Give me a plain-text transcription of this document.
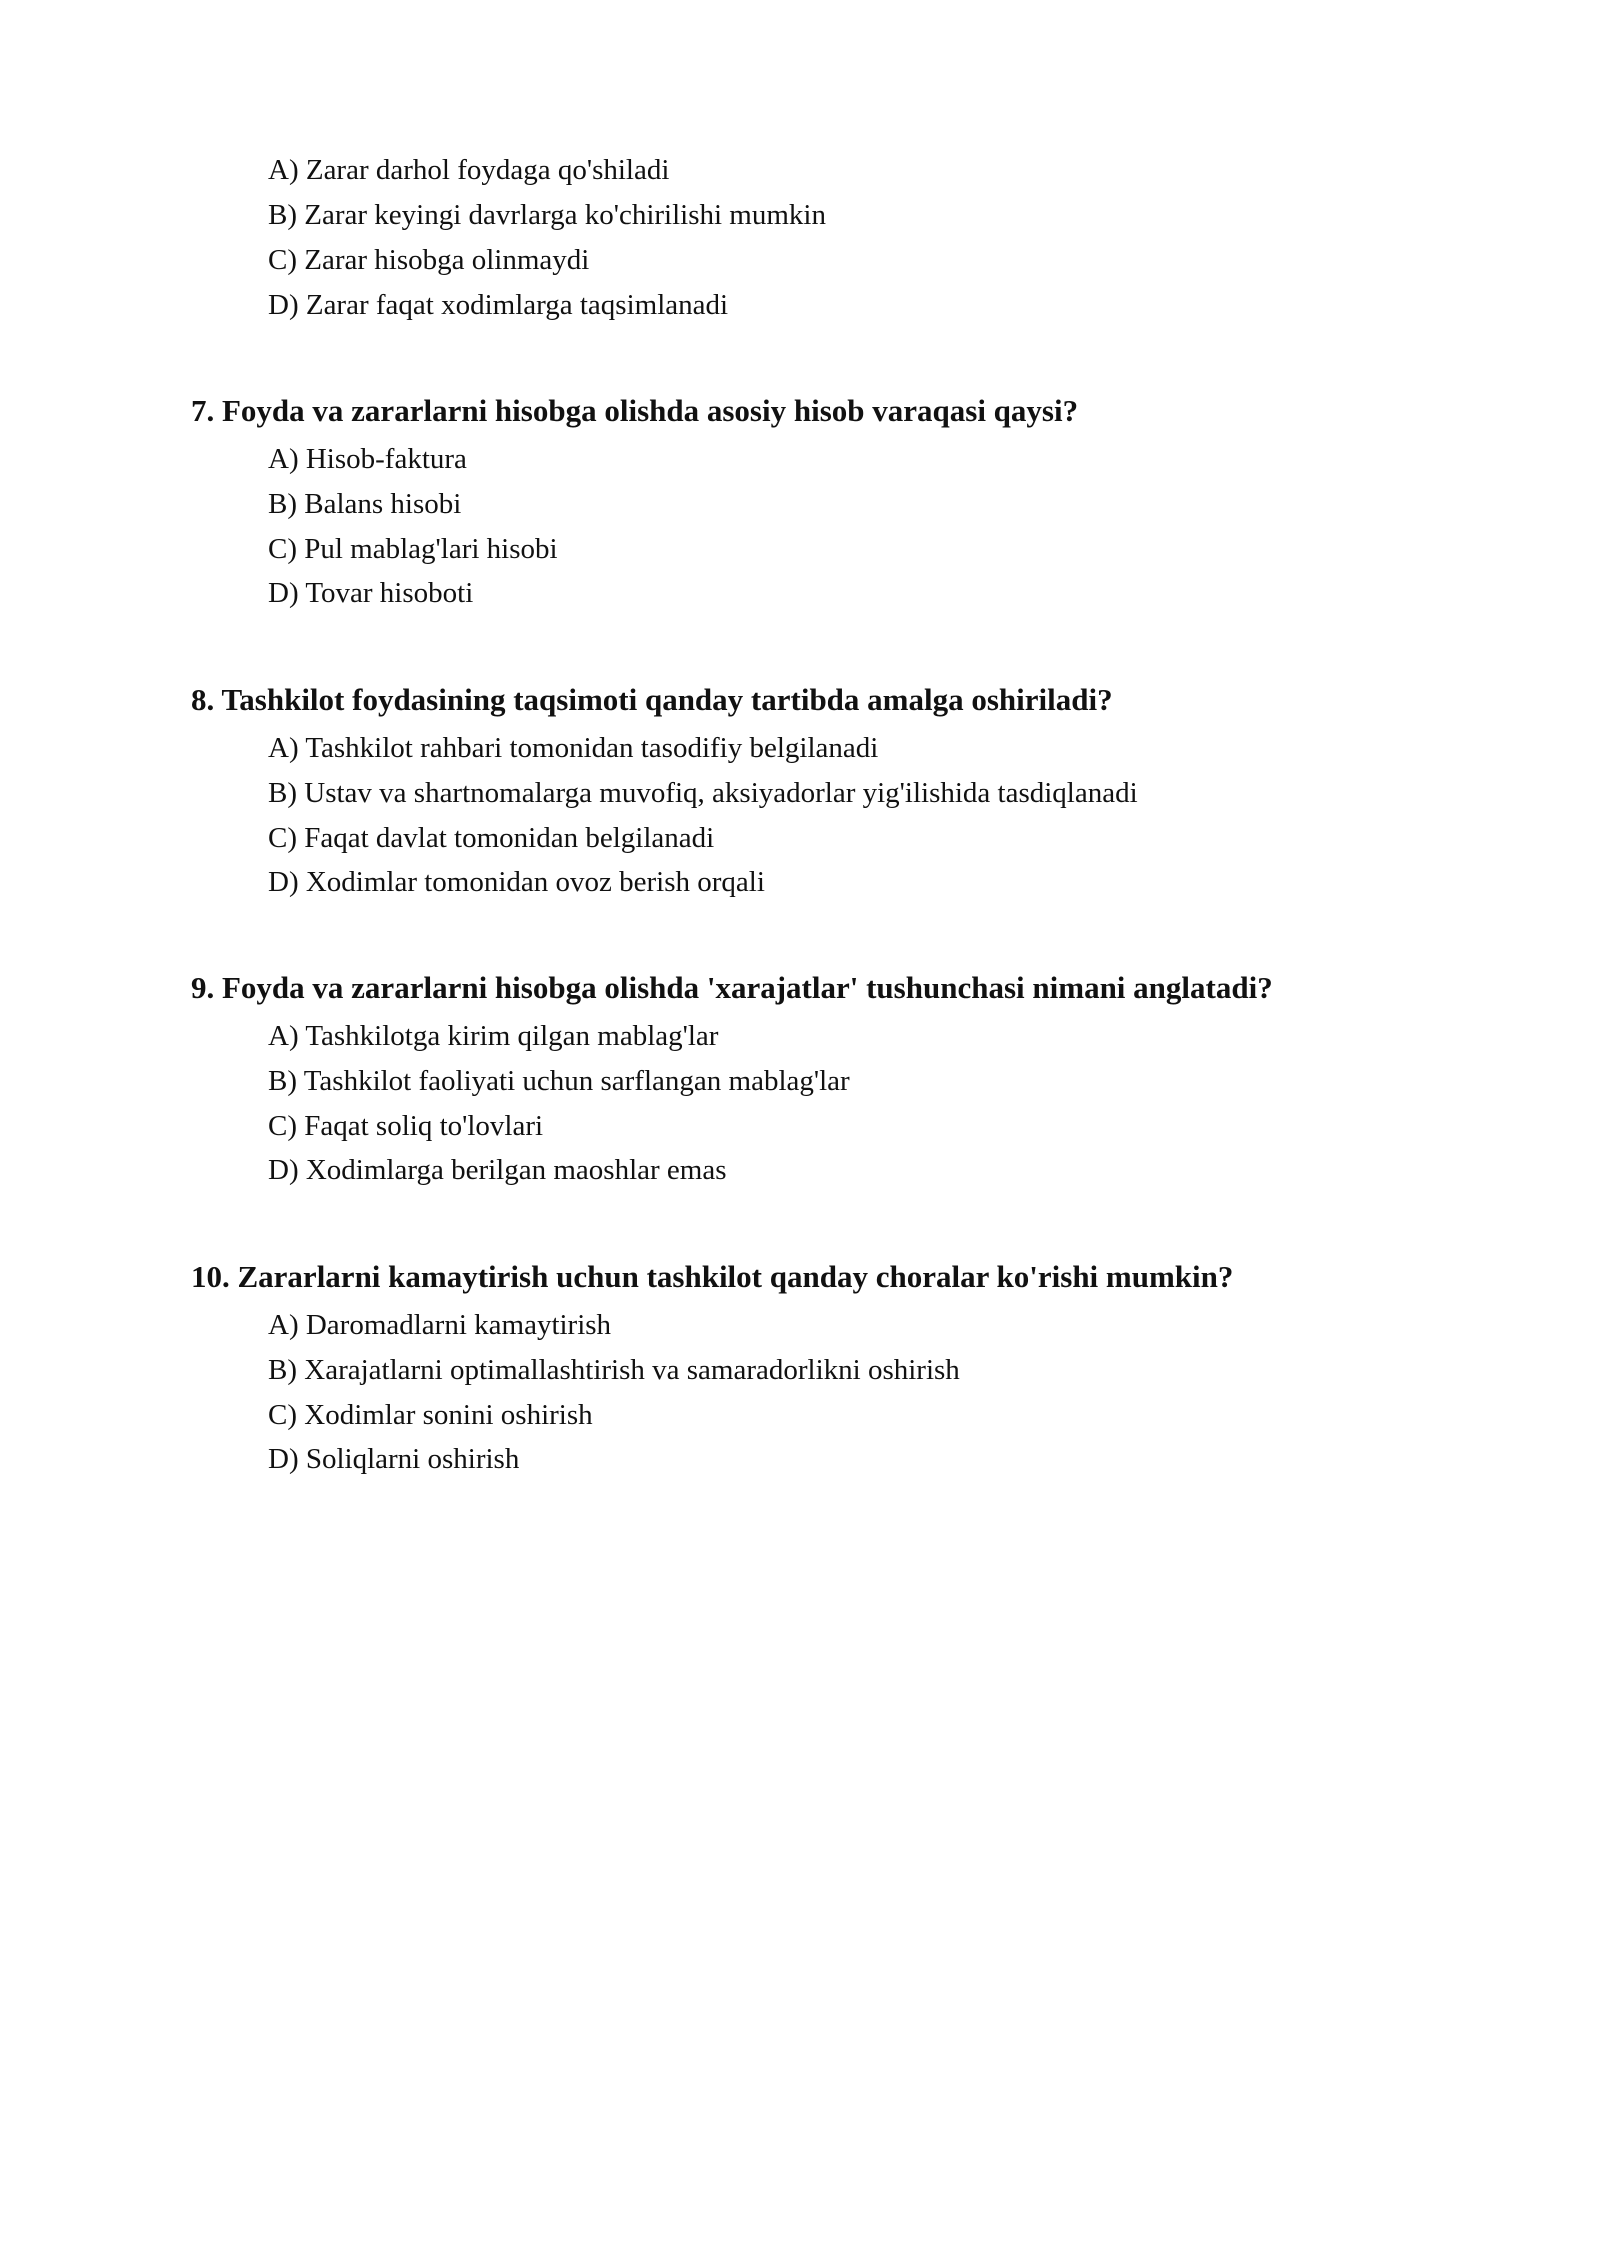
A) Zarar darhol foydaga qo'shiladi

B) Zarar keyingi davrlarga ko'chirilishi mumkin

C) Zarar hisobga olinmaydi

D) Zarar faqat xodimlarga taqsimlanadi

7. Foyda va zararlarni hisobga olishda asosiy hisob varaqasi qaysi?

A) Hisob-faktura

B) Balans hisobi

C) Pul mablag'lari hisobi

D) Tovar hisoboti

8. Tashkilot foydasining taqsimoti qanday tartibda amalga oshiriladi?

A) Tashkilot rahbari tomonidan tasodifiy belgilanadi

B) Ustav va shartnomalarga muvofiq, aksiyadorlar yig'ilishida tasdiqlanadi

C) Faqat davlat tomonidan belgilanadi

D) Xodimlar tomonidan ovoz berish orqali

9. Foyda va zararlarni hisobga olishda 'xarajatlar' tushunchasi nimani anglatadi?

A) Tashkilotga kirim qilgan mablag'lar

B) Tashkilot faoliyati uchun sarflangan mablag'lar

C) Faqat soliq to'lovlari

D) Xodimlarga berilgan maoshlar emas

10. Zararlarni kamaytirish uchun tashkilot qanday choralar ko'rishi mumkin?

A) Daromadlarni kamaytirish

B) Xarajatlarni optimallashtirish va samaradorlikni oshirish

C) Xodimlar sonini oshirish

D) Soliqlarni oshirish
